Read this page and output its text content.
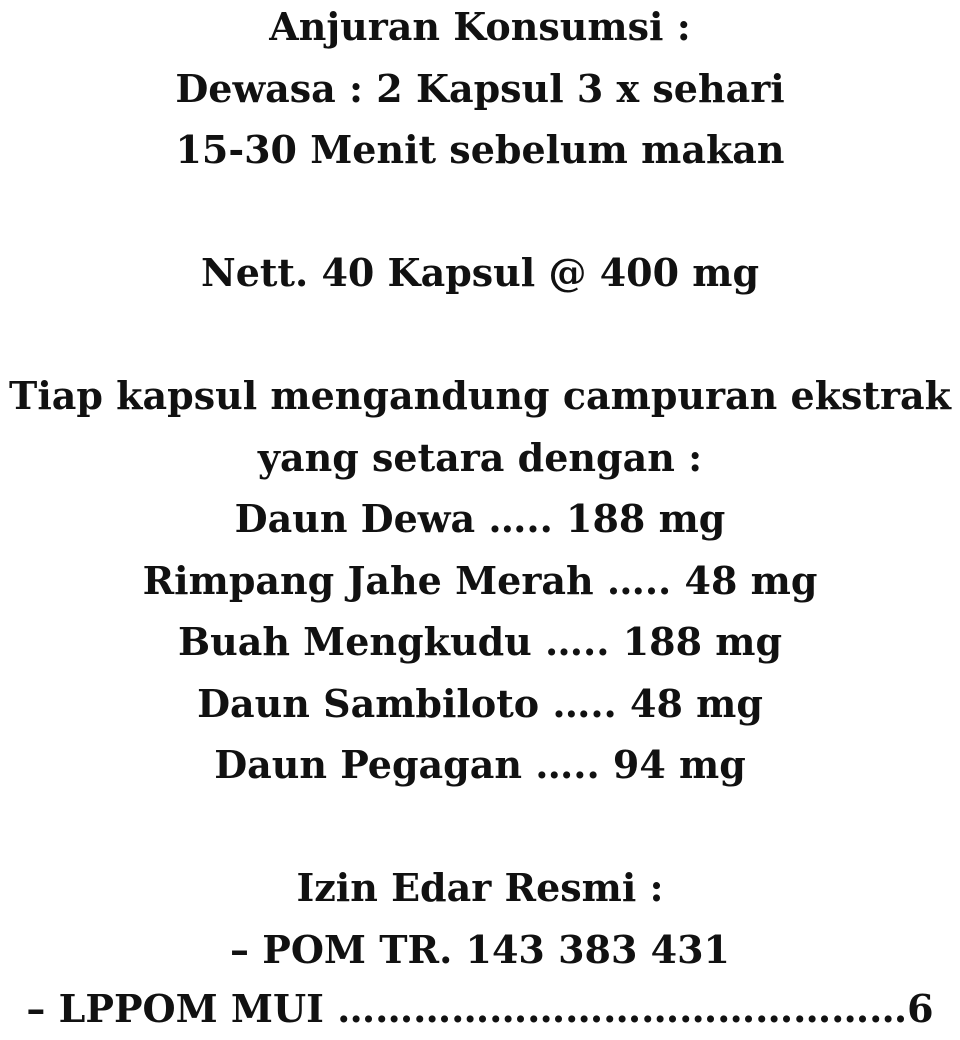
Anjuran Konsumsi :
Dewasa : 2 Kapsul 3 x sehari
15-30 Menit sebelum makan
Nett. 40 Kapsul @ 400 mg
Tiap kapsul mengandung campuran ekstrak
yang setara dengan :
Daun Dewa ….. 188 mg
Rimpang Jahe Merah ….. 48 mg
Buah Mengkudu ….. 188 mg
Daun Sambiloto ….. 48 mg
Daun Pegagan ….. 94 mg
Izin Edar Resmi :
– POM TR. 143 383 431
– LPPOM MUI ………………………………………6
